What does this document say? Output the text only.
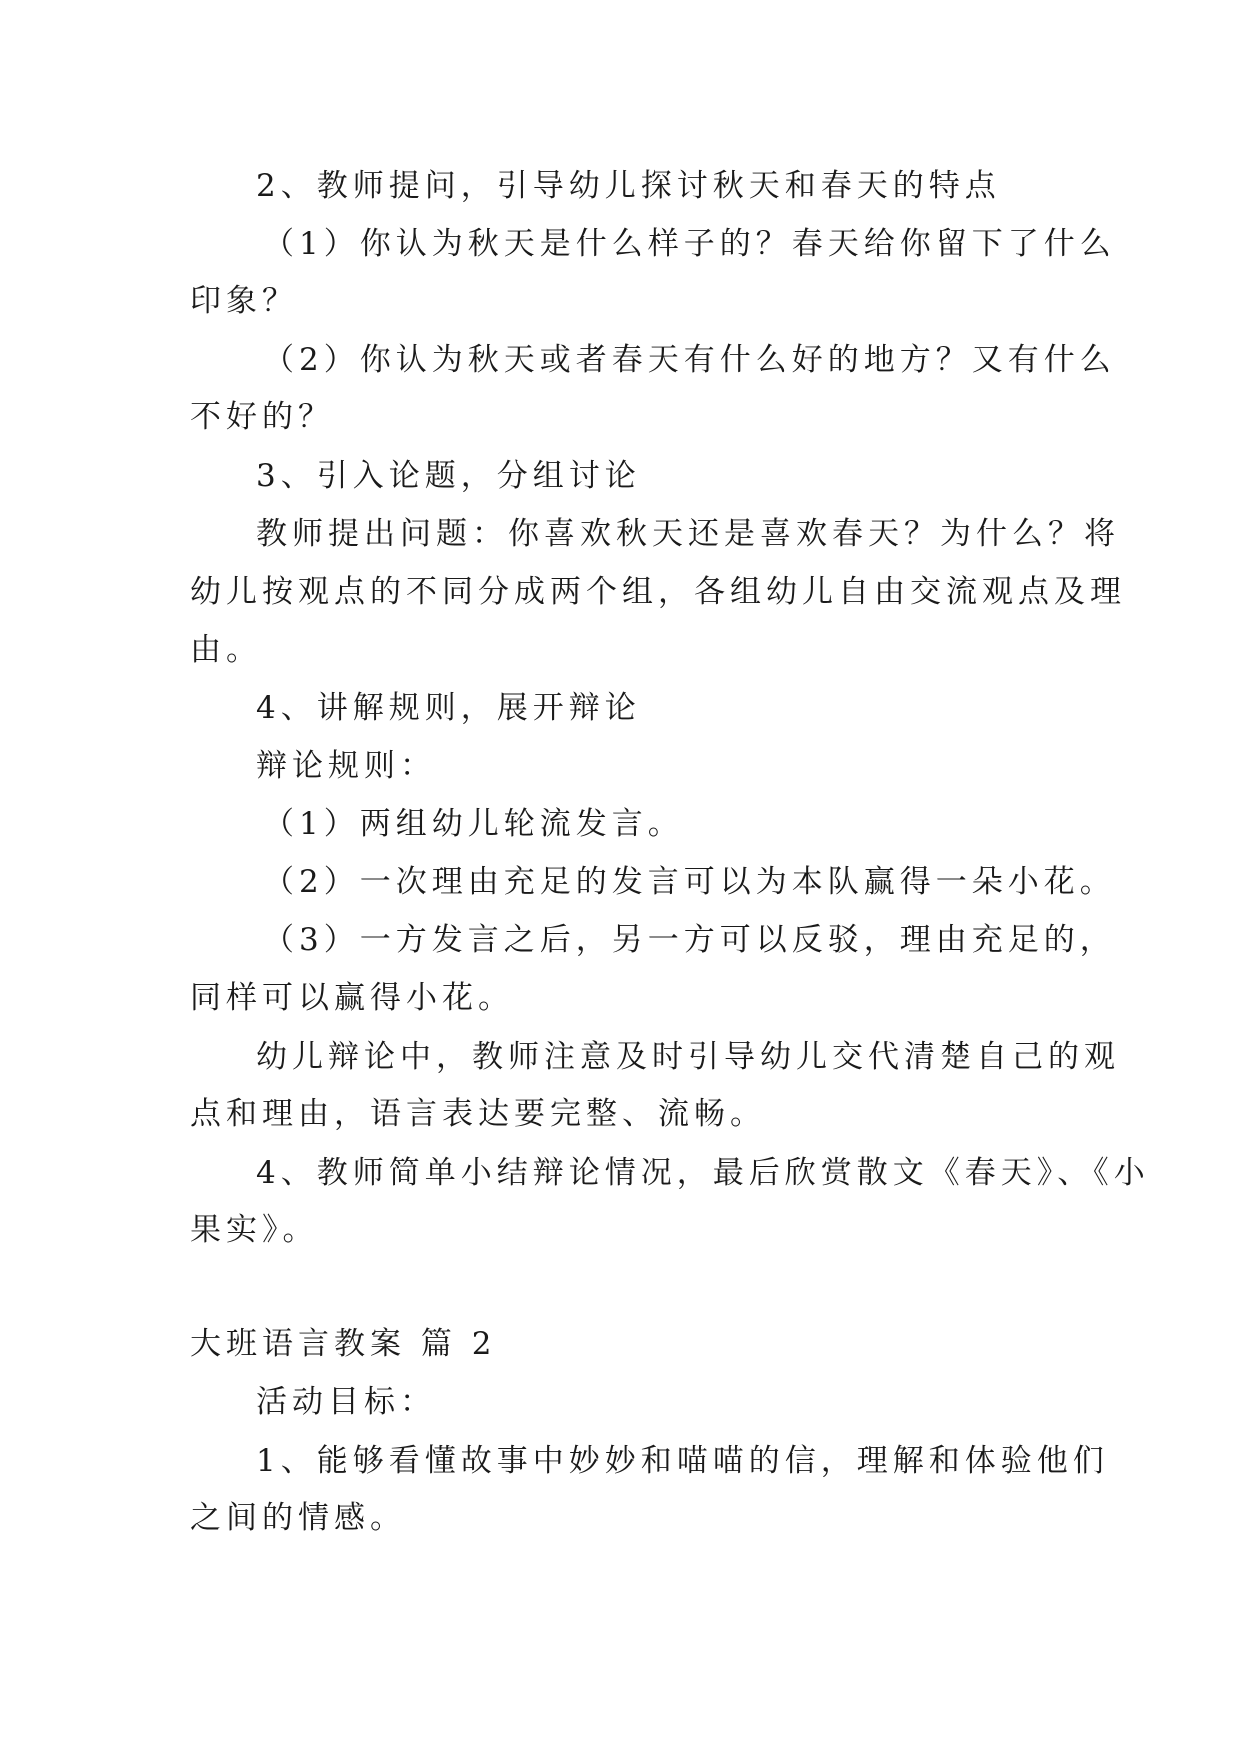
2、教师提问，引导幼儿探讨秋天和春天的特点
（1）你认为秋天是什么样子的？春天给你留下了什么
印象？
（2）你认为秋天或者春天有什么好的地方？又有什么
不好的？
3、引入论题，分组讨论
教师提出问题：你喜欢秋天还是喜欢春天？为什么？将
幼儿按观点的不同分成两个组，各组幼儿自由交流观点及理
由。
4、讲解规则，展开辩论
辩论规则：
（1）两组幼儿轮流发言。
（2）一次理由充足的发言可以为本队赢得一朵小花。
（3）一方发言之后，另一方可以反驳，理由充足的，
同样可以赢得小花。
幼儿辩论中，教师注意及时引导幼儿交代清楚自己的观
点和理由，语言表达要完整、流畅。
4、教师简单小结辩论情况，最后欣赏散文《春天》、《小
果实》。
大班语言教案 篇 2
活动目标：
1、能够看懂故事中妙妙和喵喵的信，理解和体验他们
之间的情感。
